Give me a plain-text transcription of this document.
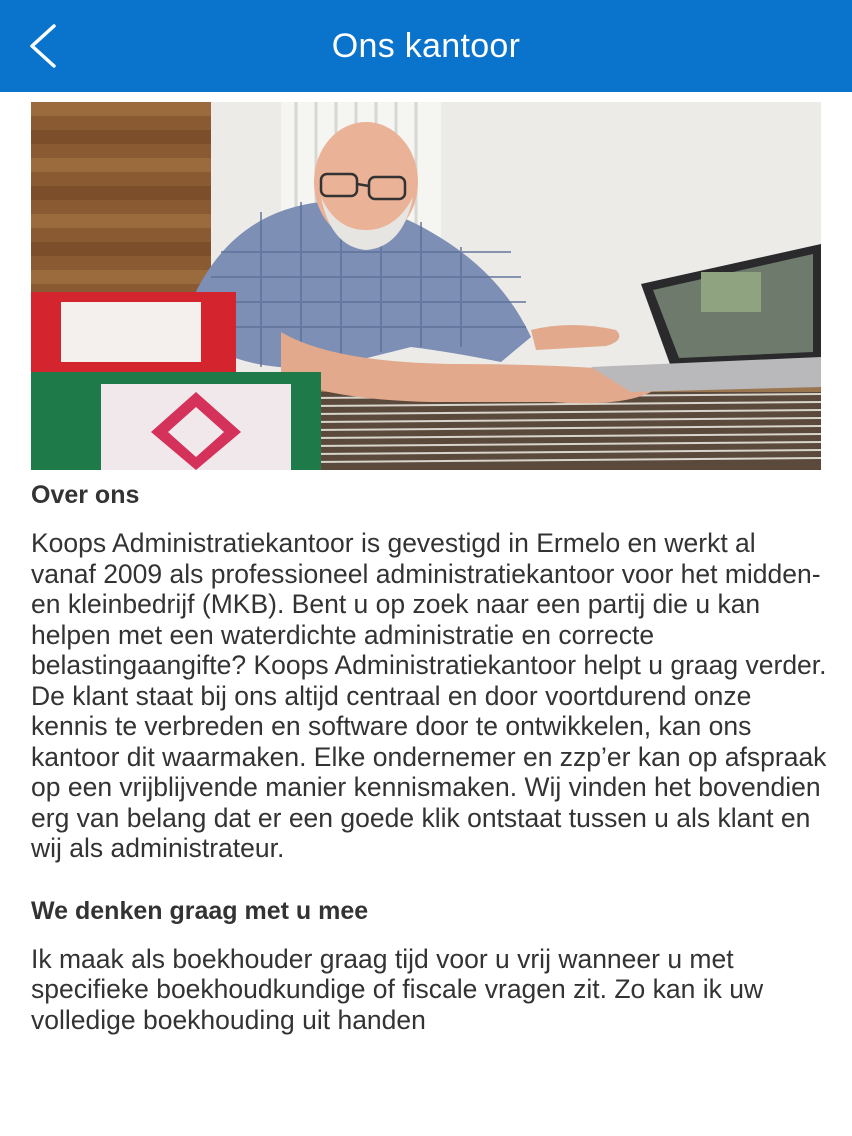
Ons kantoor
Over ons

Koops Administratiekantoor is gevestigd in Ermelo en werkt al vanaf 2009 als professioneel administratiekantoor voor het midden- en kleinbedrijf (MKB). Bent u op zoek naar een partij die u kan helpen met een waterdichte administratie en correcte belastingaangifte? Koops Administratiekantoor helpt u graag verder. De klant staat bij ons altijd centraal en door voortdurend onze kennis te verbreden en software door te ontwikkelen, kan ons kantoor dit waarmaken. Elke ondernemer en zzp’er kan op afspraak op een vrijblijvende manier kennismaken. Wij vinden het bovendien erg van belang dat er een goede klik ontstaat tussen u als klant en wij als administrateur.

We denken graag met u mee

Ik maak als boekhouder graag tijd voor u vrij wanneer u met specifieke boekhoudkundige of fiscale vragen zit. Zo kan ik uw volledige boekhouding uit handen
